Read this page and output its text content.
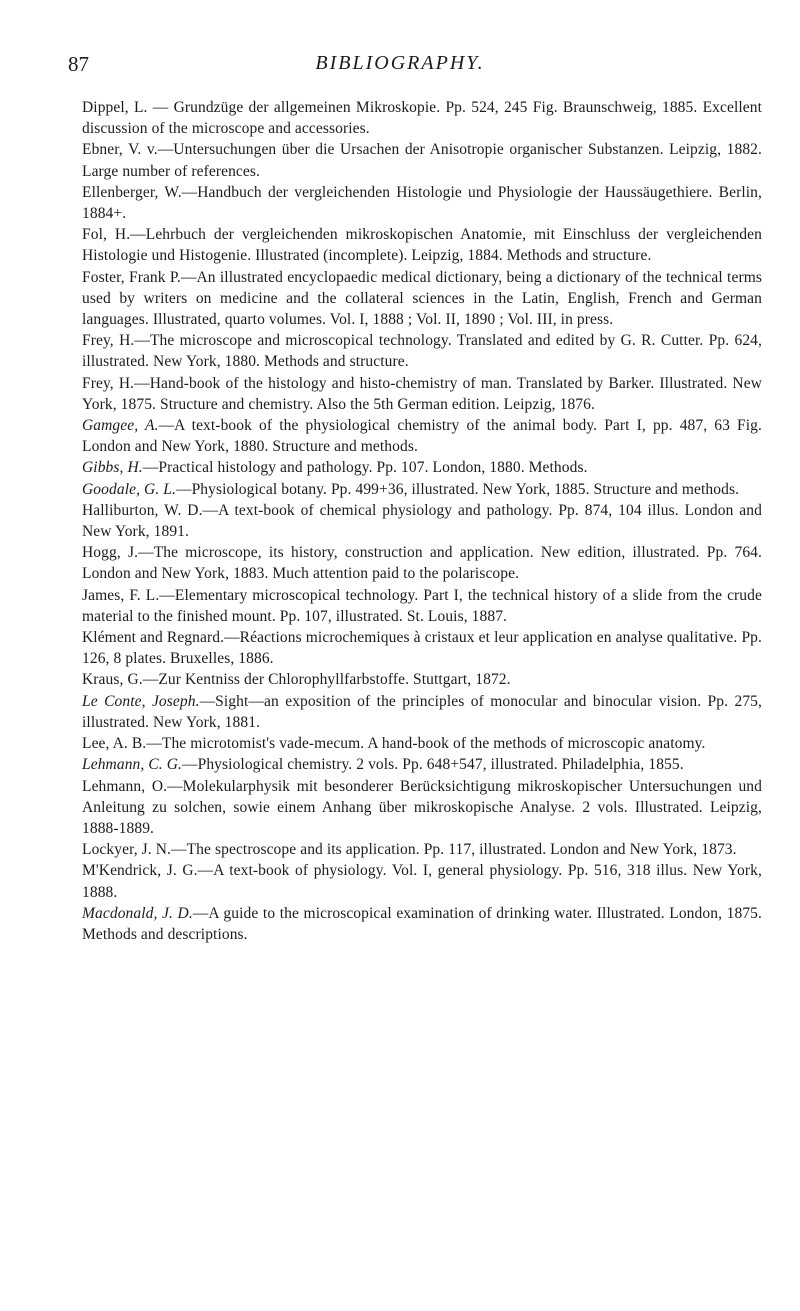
87	BIBLIOGRAPHY.

Dippel, L. — Grundzüge der allgemeinen Mikroskopie. Pp. 524, 245 Fig. Braunschweig, 1885. Excellent discussion of the microscope and accessories.

Ebner, V. v.—Untersuchungen über die Ursachen der Anisotropie organischer Substanzen. Leipzig, 1882. Large number of references.

Ellenberger, W.—Handbuch der vergleichenden Histologie und Physiologie der Haussäugethiere. Berlin, 1884+.

Fol, H.—Lehrbuch der vergleichenden mikroskopischen Anatomie, mit Einschluss der vergleichenden Histologie und Histogenie. Illustrated (incomplete). Leipzig, 1884. Methods and structure.

Foster, Frank P.—An illustrated encyclopaedic medical dictionary, being a dictionary of the technical terms used by writers on medicine and the collateral sciences in the Latin, English, French and German languages. Illustrated, quarto volumes. Vol. I, 1888 ; Vol. II, 1890 ; Vol. III, in press.

Frey, H.—The microscope and microscopical technology. Translated and edited by G. R. Cutter. Pp. 624, illustrated. New York, 1880. Methods and structure.

Frey, H.—Hand-book of the histology and histo-chemistry of man. Translated by Barker. Illustrated. New York, 1875. Structure and chemistry. Also the 5th German edition. Leipzig, 1876.

Gamgee, A.—A text-book of the physiological chemistry of the animal body. Part I, pp. 487, 63 Fig. London and New York, 1880. Structure and methods.

Gibbs, H.—Practical histology and pathology. Pp. 107. London, 1880. Methods.

Goodale, G. L.—Physiological botany. Pp. 499+36, illustrated. New York, 1885. Structure and methods.

Halliburton, W. D.—A text-book of chemical physiology and pathology. Pp. 874, 104 illus. London and New York, 1891.

Hogg, J.—The microscope, its history, construction and application. New edition, illustrated. Pp. 764. London and New York, 1883. Much attention paid to the polariscope.

James, F. L.—Elementary microscopical technology. Part I, the technical history of a slide from the crude material to the finished mount. Pp. 107, illustrated. St. Louis, 1887.

Klément and Regnard.—Réactions microchemiques à cristaux et leur application en analyse qualitative. Pp. 126, 8 plates. Bruxelles, 1886.

Kraus, G.—Zur Kentniss der Chlorophyllfarbstoffe. Stuttgart, 1872.

Le Conte, Joseph.—Sight—an exposition of the principles of monocular and binocular vision. Pp. 275, illustrated. New York, 1881.

Lee, A. B.—The microtomist's vade-mecum. A hand-book of the methods of microscopic anatomy.

Lehmann, C. G.—Physiological chemistry. 2 vols. Pp. 648+547, illustrated. Philadelphia, 1855.

Lehmann, O.—Molekularphysik mit besonderer Berücksichtigung mikroskopischer Untersuchungen und Anleitung zu solchen, sowie einem Anhang über mikroskopische Analyse. 2 vols. Illustrated. Leipzig, 1888-1889.

Lockyer, J. N.—The spectroscope and its application. Pp. 117, illustrated. London and New York, 1873.

M'Kendrick, J. G.—A text-book of physiology. Vol. I, general physiology. Pp. 516, 318 illus. New York, 1888.

Macdonald, J. D.—A guide to the microscopical examination of drinking water. Illustrated. London, 1875. Methods and descriptions.
